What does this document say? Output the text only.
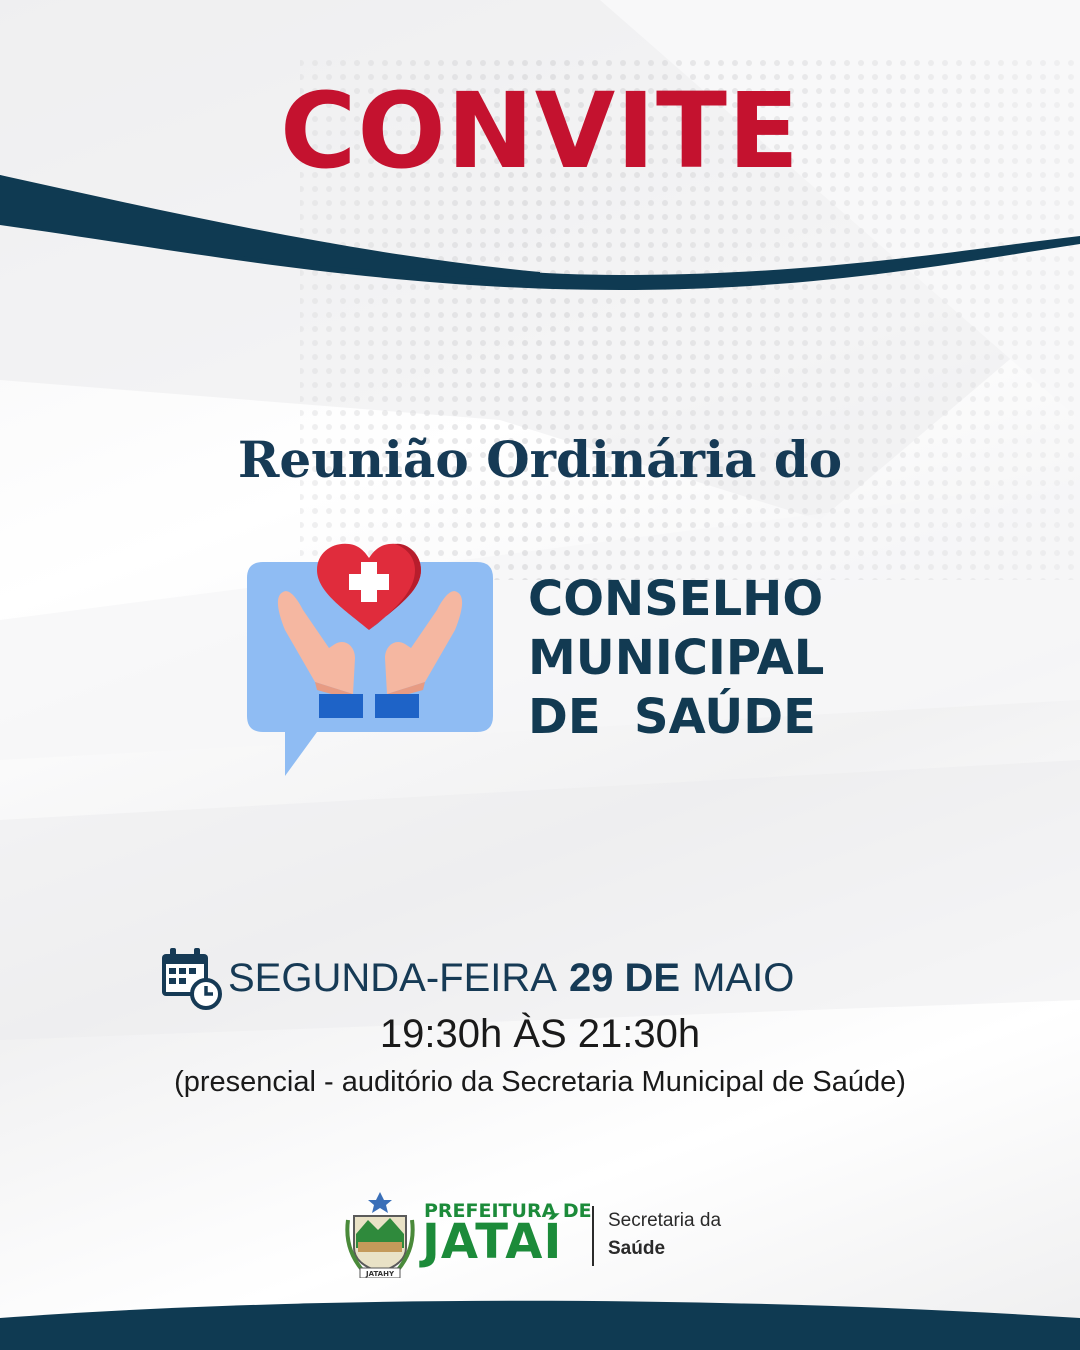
CONVITE
Reunião Ordinária do
CONSELHO
MUNICIPAL
DE  SAÚDE
SEGUNDA-FEIRA 29 DE MAIO
19:30h ÀS 21:30h
(presencial - auditório da Secretaria Municipal de Saúde)
JATAHY
PREFEITURA DE
JATAÍ Secretaria da
Saúde
